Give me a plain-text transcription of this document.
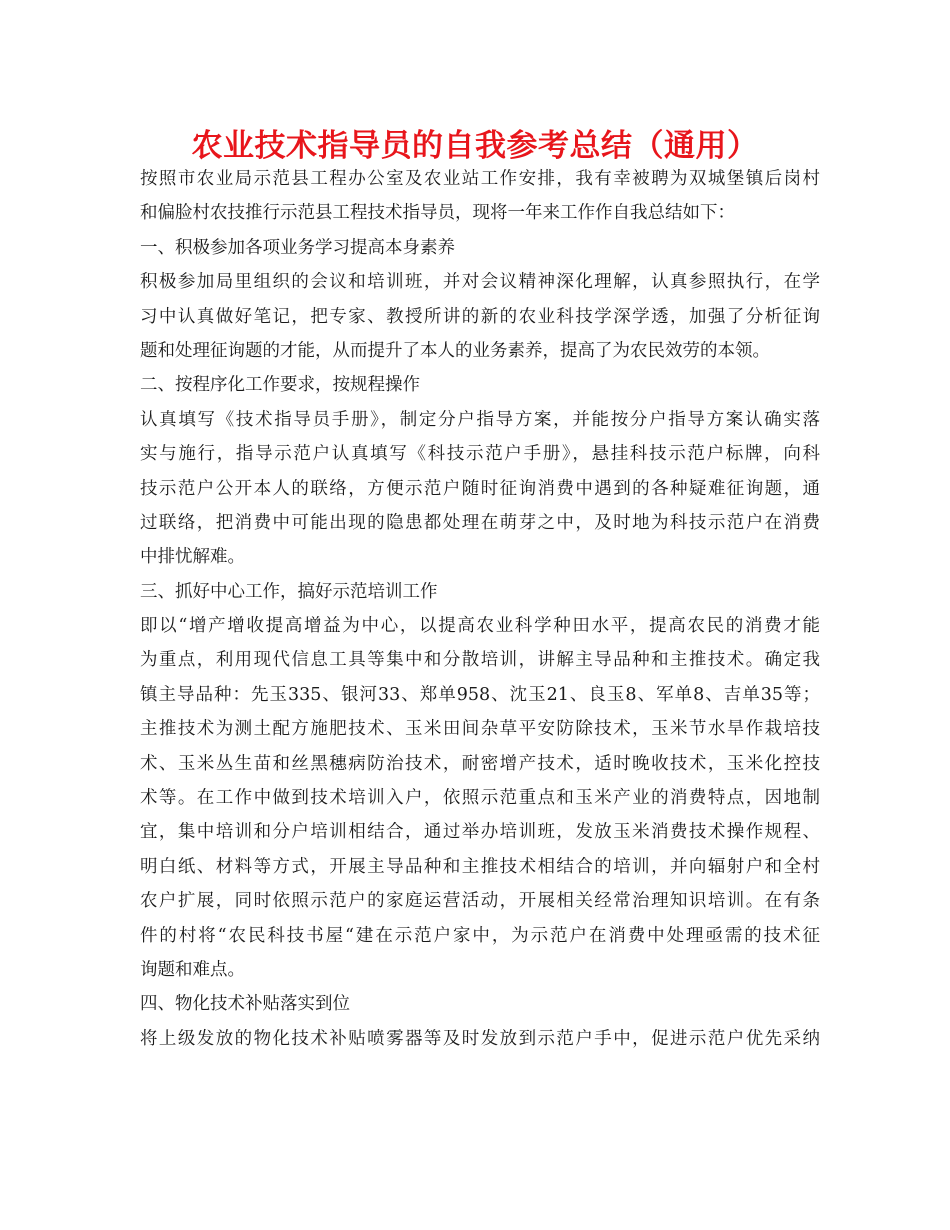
农业技术指导员的自我参考总结（通用）
按照市农业局示范县工程办公室及农业站工作安排，我有幸被聘为双城堡镇后岗村
和偏脸村农技推行示范县工程技术指导员，现将一年来工作作自我总结如下：
一、积极参加各项业务学习提高本身素养
积极参加局里组织的会议和培训班，并对会议精神深化理解，认真参照执行，在学
习中认真做好笔记，把专家、教授所讲的新的农业科技学深学透，加强了分析征询
题和处理征询题的才能，从而提升了本人的业务素养，提高了为农民效劳的本领。
二、按程序化工作要求，按规程操作
认真填写《技术指导员手册》，制定分户指导方案，并能按分户指导方案认确实落
实与施行，指导示范户认真填写《科技示范户手册》，悬挂科技示范户标牌，向科
技示范户公开本人的联络，方便示范户随时征询消费中遇到的各种疑难征询题，通
过联络，把消费中可能出现的隐患都处理在萌芽之中，及时地为科技示范户在消费
中排忧解难。
三、抓好中心工作，搞好示范培训工作
即以“增产增收提高增益为中心，以提高农业科学种田水平，提高农民的消费才能
为重点，利用现代信息工具等集中和分散培训，讲解主导品种和主推技术。确定我
镇主导品种：先玉335、银河33、郑单958、沈玉21、良玉8、军单8、吉单35等；
主推技术为测土配方施肥技术、玉米田间杂草平安防除技术，玉米节水旱作栽培技
术、玉米丛生苗和丝黑穗病防治技术，耐密增产技术，适时晚收技术，玉米化控技
术等。在工作中做到技术培训入户，依照示范重点和玉米产业的消费特点，因地制
宜，集中培训和分户培训相结合，通过举办培训班，发放玉米消费技术操作规程、
明白纸、材料等方式，开展主导品种和主推技术相结合的培训，并向辐射户和全村
农户扩展，同时依照示范户的家庭运营活动，开展相关经常治理知识培训。在有条
件的村将“农民科技书屋“建在示范户家中，为示范户在消费中处理亟需的技术征
询题和难点。
四、物化技术补贴落实到位
将上级发放的物化技术补贴喷雾器等及时发放到示范户手中，促进示范户优先采纳
